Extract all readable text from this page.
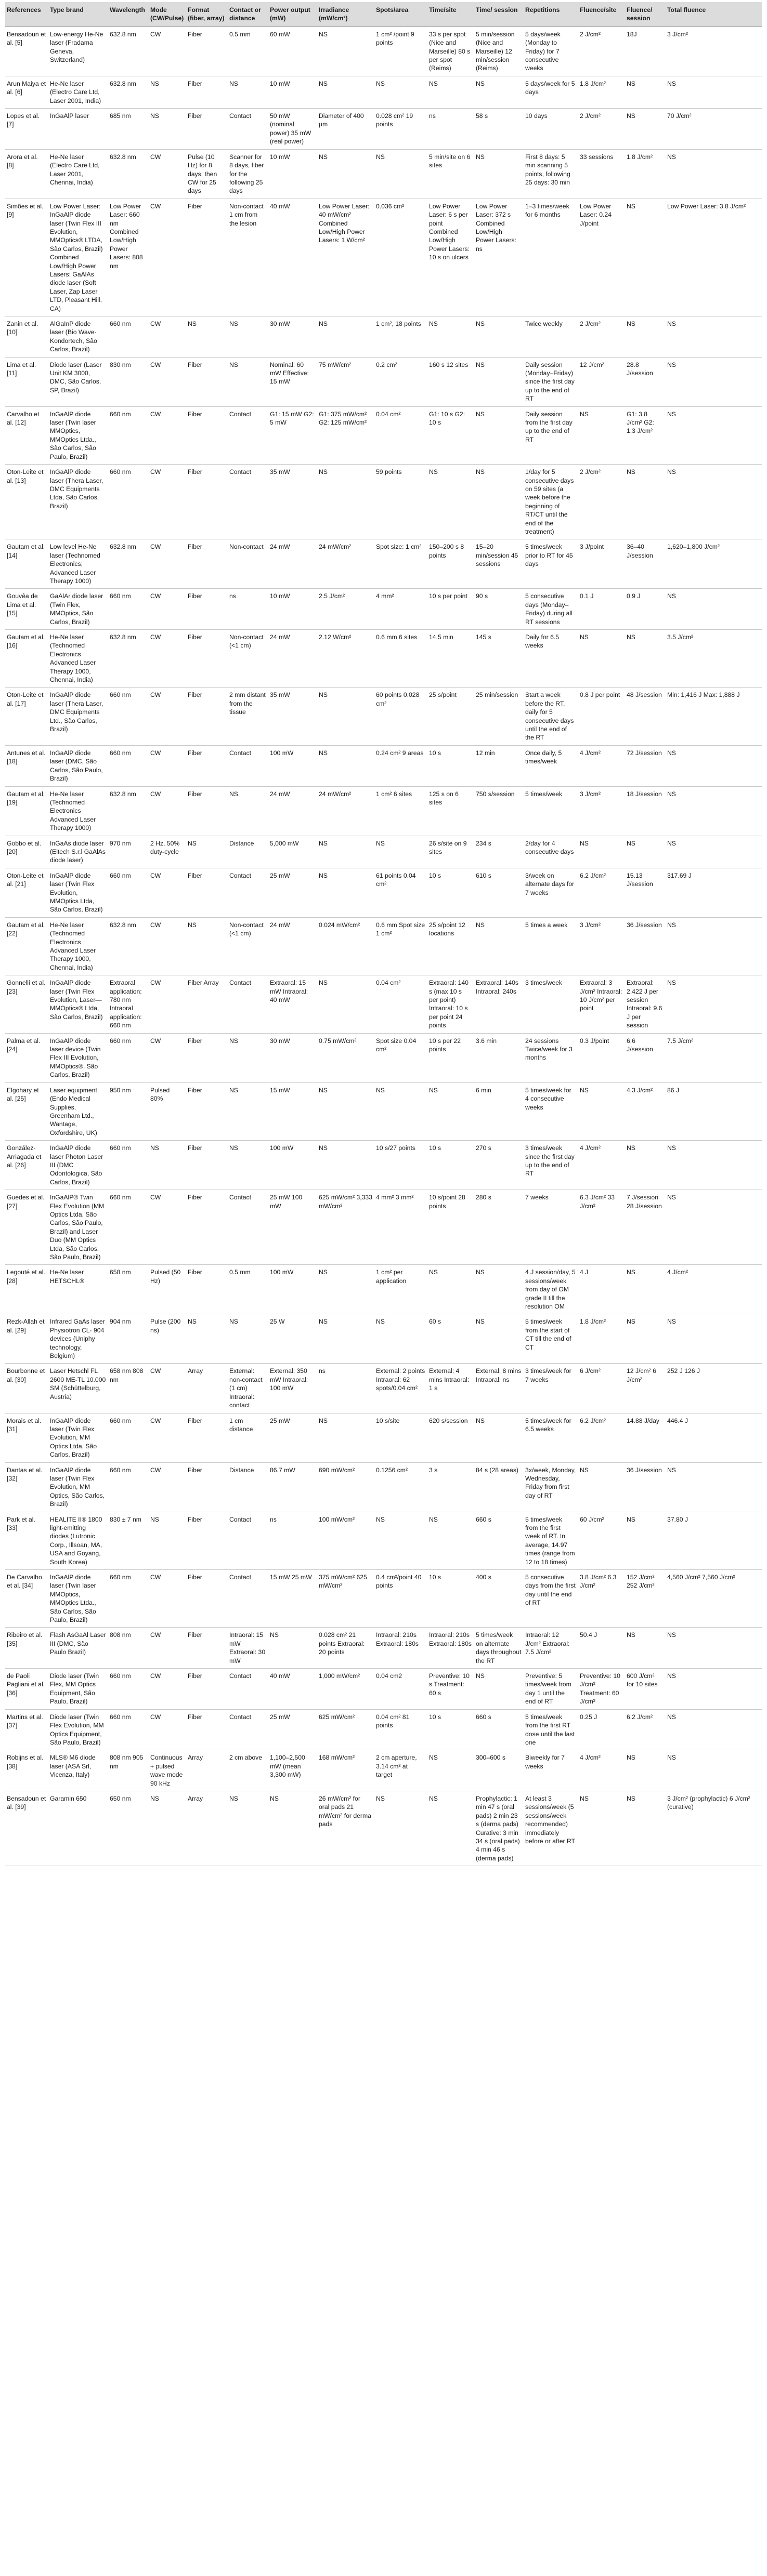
References	Type brand	Wavelength	Mode (CW/Pulse)	Format (fiber, array)	Contact or distance	Power output (mW)	Irradiance (mW/cm²)	Spots/area	Time/site	Time/ session	Repetitions	Fluence/site	Fluence/ session	Total fluence
Bensadoun et al. [5]	Low-energy He-Ne laser (Fradama Geneva, Switzerland)	632.8 nm	CW	Fiber	0.5 mm	60 mW	NS	1 cm² /point 9 points	33 s per spot (Nice and Marseille) 80 s per spot (Reims)	5 min/session (Nice and Marseille) 12 min/session (Reims)	5 days/week (Monday to Friday) for 7 consecutive weeks	2 J/cm²	18J	3 J/cm²
Arun Maiya et al. [6]	He-Ne laser (Electro Care Ltd, Laser 2001, India)	632.8 nm	NS	Fiber	NS	10 mW	NS	NS	NS	NS	5 days/week for 5 days	1.8 J/cm²	NS	NS
Lopes et al. [7]	InGaAlP laser	685 nm	NS	Fiber	Contact	50 mW (nominal power) 35 mW (real power)	Diameter of 400 μm	0.028 cm² 19 points	ns	58 s	10 days	2 J/cm²	NS	70 J/cm²
Arora et al. [8]	He-Ne laser (Electro Care Ltd, Laser 2001, Chennai, India)	632.8 nm	CW	Pulse (10 Hz) for 8 days, then CW for 25 days	Scanner for 8 days, fiber for the following 25 days	10 mW	NS	NS	5 min/site on 6 sites	NS	First 8 days: 5 min scanning 5 points, following 25 days: 30 min	33 sessions	1.8 J/cm²	NS
Simões et al. [9]	Low Power Laser: InGaAlP diode laser (Twin Flex III Evolution, MMOptics® LTDA, São Carlos, Brazil) Combined Low/High Power Lasers: GaAlAs diode laser (Soft Laser, Zap Laser LTD, Pleasant Hill, CA)	Low Power Laser: 660 nm Combined Low/High Power Lasers: 808 nm	CW	Fiber	Non-contact 1 cm from the lesion	40 mW	Low Power Laser: 40 mW/cm² Combined Low/High Power Lasers: 1 W/cm²	0.036 cm²	Low Power Laser: 6 s per point Combined Low/High Power Lasers: 10 s on ulcers	Low Power Laser: 372 s Combined Low/High Power Lasers: ns	1–3 times/week for 6 months	Low Power Laser: 0.24 J/point	NS	Low Power Laser: 3.8 J/cm²
Zanin et al. [10]	AlGaInP diode laser (Bio Wave-Kondortech, São Carlos, Brazil)	660 nm	CW	NS	NS	30 mW	NS	1 cm², 18 points	NS	NS	Twice weekly	2 J/cm²	NS	NS
Lima et al. [11]	Diode laser (Laser Unit KM 3000, DMC, São Carlos, SP, Brazil)	830 nm	CW	Fiber	NS	Nominal: 60 mW Effective: 15 mW	75 mW/cm²	0.2 cm²	160 s 12 sites	NS	Daily session (Monday–Friday) since the first day up to the end of RT	12 J/cm²	28.8 J/session	NS
Carvalho et al. [12]	InGaAlP diode laser (Twin laser MMOptics, MMOptics Ltda., São Carlos, São Paulo, Brazil)	660 nm	CW	Fiber	Contact	G1: 15 mW G2: 5 mW	G1: 375 mW/cm² G2: 125 mW/cm²	0.04 cm²	G1: 10 s G2: 10 s	NS	Daily session from the first day up to the end of RT	NS	G1: 3.8 J/cm² G2: 1.3 J/cm²	NS
Oton-Leite et al. [13]	InGaAlP diode laser (Thera Laser, DMC Equipments Ltda, São Carlos, Brazil)	660 nm	CW	Fiber	Contact	35 mW	NS	59 points	NS	NS	1/day for 5 consecutive days on 59 sites (a week before the beginning of RT/CT until the end of the treatment)	2 J/cm²	NS	NS
Gautam et al. [14]	Low level He-Ne laser (Technomed Electronics; Advanced Laser Therapy 1000)	632.8 nm	CW	Fiber	Non-contact	24 mW	24 mW/cm²	Spot size: 1 cm²	150–200 s 8 points	15–20 min/session 45 sessions	5 times/week prior to RT for 45 days	3 J/point	36–40 J/session	1,620–1,800 J/cm²
Gouvêa de Lima et al. [15]	GaAlAr diode laser (Twin Flex, MMOptics, São Carlos, Brazil)	660 nm	CW	Fiber	ns	10 mW	2.5 J/cm²	4 mm²	10 s per point	90 s	5 consecutive days (Monday–Friday) during all RT sessions	0.1 J	0.9 J	NS
Gautam et al. [16]	He-Ne laser (Technomed Electronics Advanced Laser Therapy 1000, Chennai, India)	632.8 nm	CW	Fiber	Non-contact (<1 cm)	24 mW	2.12 W/cm²	0.6 mm 6 sites	14.5 min	145 s	Daily for 6.5 weeks	NS	NS	3.5 J/cm²
Oton-Leite et al. [17]	InGaAlP diode laser (Thera Laser, DMC Equipments Ltd., São Carlos, Brazil)	660 nm	CW	Fiber	2 mm distant from the tissue	35 mW	NS	60 points 0.028 cm²	25 s/point	25 min/session	Start a week before the RT, daily for 5 consecutive days until the end of the RT	0.8 J per point	48 J/session	Min: 1,416 J Max: 1,888 J
Antunes et al. [18]	InGaAlP diode laser (DMC, São Carlos, São Paulo, Brazil)	660 nm	CW	Fiber	Contact	100 mW	NS	0.24 cm² 9 areas	10 s	12 min	Once daily, 5 times/week	4 J/cm²	72 J/session	NS
Gautam et al. [19]	He-Ne laser (Technomed Electronics Advanced Laser Therapy 1000)	632.8 nm	CW	Fiber	NS	24 mW	24 mW/cm²	1 cm² 6 sites	125 s on 6 sites	750 s/session	5 times/week	3 J/cm²	18 J/session	NS
Gobbo et al. [20]	InGaAs diode laser (Eltech S.r.l GaAlAs diode laser)	970 nm	2 Hz, 50% duty-cycle	NS	Distance	5,000 mW	NS	NS	26 s/site on 9 sites	234 s	2/day for 4 consecutive days	NS	NS	NS
Oton-Leite et al. [21]	InGaAlP diode laser (Twin Flex Evolution, MMOptics Ltda, São Carlos, Brazil)	660 nm	CW	Fiber	Contact	25 mW	NS	61 points 0.04 cm²	10 s	610 s	3/week on alternate days for 7 weeks	6.2 J/cm²	15.13 J/session	317.69 J
Gautam et al. [22]	He-Ne laser (Technomed Electronics Advanced Laser Therapy 1000, Chennai, India)	632.8 nm	CW	NS	Non-contact (<1 cm)	24 mW	0.024 mW/cm²	0.6 mm Spot size 1 cm²	25 s/point 12 locations	NS	5 times a week	3 J/cm²	36 J/session	NS
Gonnelli et al. [23]	InGaAlP diode laser (Twin Flex Evolution, Laser—MMOptics® Ltda, São Carlos, Brazil)	Extraoral application: 780 nm Intraoral application: 660 nm	CW	Fiber Array	Contact	Extraoral: 15 mW Intraoral: 40 mW	NS	0.04 cm²	Extraoral: 140 s (max 10 s per point) Intraoral: 10 s per point 24 points	Extraoral: 140s Intraoral: 240s	3 times/week	Extraoral: 3 J/cm² Intraoral: 10 J/cm² per point	Extraoral: 2.422 J per session Intraoral: 9.6 J per session	NS
Palma et al. [24]	InGaAlP diode laser device (Twin Flex III Evolution, MMOptics®, São Carlos, Brazil)	660 nm	CW	Fiber	NS	30 mW	0.75 mW/cm²	Spot size 0.04 cm²	10 s per 22 points	3.6 min	24 sessions Twice/week for 3 months	0.3 J/point	6.6 J/session	7.5 J/cm²
Elgohary et al. [25]	Laser equipment (Endo Medical Supplies, Greenham Ltd., Wantage, Oxfordshire, UK)	950 nm	Pulsed 80%	Fiber	NS	15 mW	NS	NS	NS	6 min	5 times/week for 4 consecutive weeks	NS	4.3 J/cm²	86 J
González-Arriagada et al. [26]	InGaAlP diode laser Photon Laser III (DMC Odontologica, São Carlos, Brazil)	660 nm	NS	Fiber	NS	100 mW	NS	10 s/27 points	10 s	270 s	3 times/week since the first day up to the end of RT	4 J/cm²	NS	NS
Guedes et al. [27]	InGaAlP® Twin Flex Evolution (MM Optics Ltda, São Carlos, São Paulo, Brazil) and Laser Duo (MM Optics Ltda, São Carlos, São Paulo, Brazil)	660 nm	CW	Fiber	Contact	25 mW 100 mW	625 mW/cm² 3,333 mW/cm²	4 mm² 3 mm²	10 s/point 28 points	280 s	7 weeks	6.3 J/cm² 33 J/cm²	7 J/session 28 J/session	NS
Legouté et al. [28]	He-Ne laser HETSCHL®	658 nm	Pulsed (50 Hz)	Fiber	0.5 mm	100 mW	NS	1 cm² per application	NS	NS	4 J session/day, 5 sessions/week from day of OM grade II till the resolution OM	4 J	NS	4 J/cm²
Rezk-Allah et al. [29]	Infrared GaAs laser Physiotron CL- 904 devices (Uniphy technology, Belgium)	904 nm	Pulse (200 ns)	NS	NS	25 W	NS	NS	60 s	NS	5 times/week from the start of CT till the end of CT	1.8 J/cm²	NS	NS
Bourbonne et al. [30]	Laser Hetschl FL 2600 ME-TL 10.000 SM (Schüttelburg, Austria)	658 nm 808 nm	CW	Array	External: non-contact (1 cm) Intraoral: contact	External: 350 mW Intraoral: 100 mW	ns	External: 2 points Intraoral: 62 spots/0.04 cm²	External: 4 mins Intraoral: 1 s	External: 8 mins Intraoral: ns	3 times/week for 7 weeks	6 J/cm²	12 J/cm² 6 J/cm²	252 J 126 J
Morais et al. [31]	InGaAlP diode laser (Twin Flex Evolution, MM Optics Ltda, São Carlos, Brazil)	660 nm	CW	Fiber	1 cm distance	25 mW	NS	10 s/site	620 s/session	NS	5 times/week for 6.5 weeks	6.2 J/cm²	14.88 J/day	446.4 J
Dantas et al. [32]	InGaAlP diode laser (Twin Flex Evolution, MM Optics, São Carlos, Brazil)	660 nm	CW	Fiber	Distance	86.7 mW	690 mW/cm²	0.1256 cm²	3 s	84 s (28 areas)	3x/week, Monday, Wednesday, Friday from first day of RT	NS	36 J/session	NS
Park et al. [33]	HEALITE II® 1800 light-emitting diodes (Lutronic Corp., Illsoan, MA, USA and Goyang, South Korea)	830 ± 7 nm	NS	Fiber	Contact	ns	100 mW/cm²	NS	NS	660 s	5 times/week from the first week of RT. In average, 14.97 times (range from 12 to 18 times)	60 J/cm²	NS	37.80 J
De Carvalho et al. [34]	InGaAlP diode laser (Twin laser MMOptics, MMOptics Ltda., São Carlos, São Paulo, Brazil)	660 nm	CW	Fiber	Contact	15 mW 25 mW	375 mW/cm² 625 mW/cm²	0.4 cm²/point 40 points	10 s	400 s	5 consecutive days from the first day until the end of RT	3.8 J/cm² 6.3 J/cm²	152 J/cm² 252 J/cm²	4,560 J/cm² 7,560 J/cm²
Ribeiro et al. [35]	Flash AsGaAl Laser III (DMC, São Paulo Brazil)	808 nm	CW	Fiber	Intraoral: 15 mW Extraoral: 30 mW	NS	0.028 cm² 21 points Extraoral: 20 points	Intraoral: 210s Extraoral: 180s	Intraoral: 210s Extraoral: 180s	5 times/week on alternate days throughout the RT	Intraoral: 12 J/cm² Extraoral: 7.5 J/cm²	50.4 J	NS	NS
de Paoli Pagliani et al. [36]	Diode laser (Twin Flex, MM Optics Equipment, São Paulo, Brazil)	660 nm	CW	Fiber	Contact	40 mW	1,000 mW/cm²	0.04 cm2	Preventive: 10 s Treatment: 60 s	NS	Preventive: 5 times/week from day 1 until the end of RT	Preventive: 10 J/cm² Treatment: 60 J/cm²	600 J/cm² for 10 sites	NS
Martins et al. [37]	Diode laser (Twin Flex Evolution, MM Optics Equipment, São Paulo, Brazil)	660 nm	CW	Fiber	Contact	25 mW	625 mW/cm²	0.04 cm² 81 points	10 s	660 s	5 times/week from the first RT dose until the last one	0.25 J	6.2 J/cm²	NS
Robijns et al. [38]	MLS® M6 diode laser (ASA Srl, Vicenza, Italy)	808 nm 905 nm	Continuous + pulsed wave mode 90 kHz	Array	2 cm above	1,100–2,500 mW (mean 3,300 mW)	168 mW/cm²	2 cm aperture, 3.14 cm² at target	NS	300–600 s	Biweekly for 7 weeks	4 J/cm²	NS	NS
Bensadoun et al. [39]	Garamin 650	650 nm	NS	Array	NS	NS	26 mW/cm² for oral pads 21 mW/cm² for derma pads	NS	NS	Prophylactic: 1 min 47 s (oral pads) 2 min 23 s (derma pads) Curative: 3 min 34 s (oral pads) 4 min 46 s (derma pads)	At least 3 sessions/week (5 sessions/week recommended) immediately before or after RT	NS	NS	3 J/cm² (prophylactic) 6 J/cm² (curative)
